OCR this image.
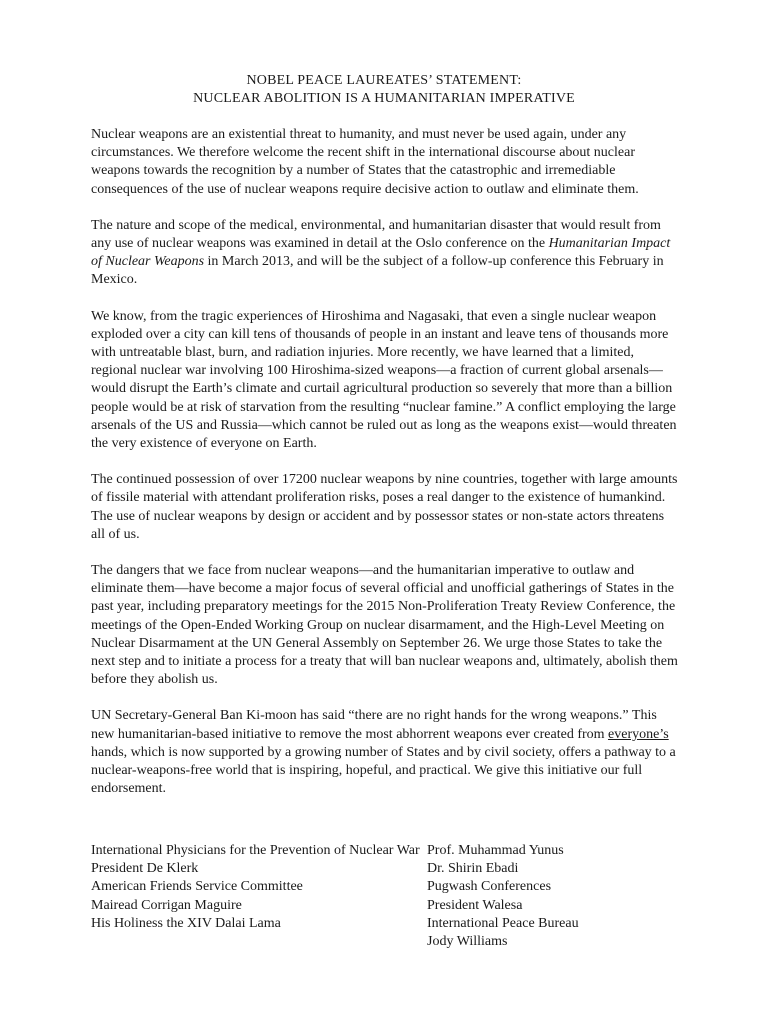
NOBEL PEACE LAUREATES’ STATEMENT:
NUCLEAR ABOLITION IS A HUMANITARIAN IMPERATIVE

Nuclear weapons are an existential threat to humanity, and must never be used again, under any circumstances. We therefore welcome the recent shift in the international discourse about nuclear weapons towards the recognition by a number of States that the catastrophic and irremediable consequences of the use of nuclear weapons require decisive action to outlaw and eliminate them.

The nature and scope of the medical, environmental, and humanitarian disaster that would result from any use of nuclear weapons was examined in detail at the Oslo conference on the Humanitarian Impact of Nuclear Weapons in March 2013, and will be the subject of a follow-up conference this February in Mexico.

We know, from the tragic experiences of Hiroshima and Nagasaki, that even a single nuclear weapon exploded over a city can kill tens of thousands of people in an instant and leave tens of thousands more with untreatable blast, burn, and radiation injuries. More recently, we have learned that a limited, regional nuclear war involving 100 Hiroshima-sized weapons—a fraction of current global arsenals—would disrupt the Earth’s climate and curtail agricultural production so severely that more than a billion people would be at risk of starvation from the resulting “nuclear famine.” A conflict employing the large arsenals of the US and Russia—which cannot be ruled out as long as the weapons exist—would threaten the very existence of everyone on Earth.

The continued possession of over 17200 nuclear weapons by nine countries, together with large amounts of fissile material with attendant proliferation risks, poses a real danger to the existence of humankind. The use of nuclear weapons by design or accident and by possessor states or non-state actors threatens all of us.

The dangers that we face from nuclear weapons—and the humanitarian imperative to outlaw and eliminate them—have become a major focus of several official and unofficial gatherings of States in the past year, including preparatory meetings for the 2015 Non-Proliferation Treaty Review Conference, the meetings of the Open-Ended Working Group on nuclear disarmament, and the High-Level Meeting on Nuclear Disarmament at the UN General Assembly on September 26. We urge those States to take the next step and to initiate a process for a treaty that will ban nuclear weapons and, ultimately, abolish them before they abolish us.

UN Secretary-General Ban Ki-moon has said “there are no right hands for the wrong weapons.” This new humanitarian-based initiative to remove the most abhorrent weapons ever created from everyone’s hands, which is now supported by a growing number of States and by civil society, offers a pathway to a nuclear-weapons-free world that is inspiring, hopeful, and practical. We give this initiative our full endorsement.

International Physicians for the Prevention of Nuclear War
President De Klerk
American Friends Service Committee
Mairead Corrigan Maguire
His Holiness the XIV Dalai Lama
Prof. Muhammad Yunus
Dr. Shirin Ebadi
Pugwash Conferences
President Walesa
International Peace Bureau
Jody Williams
